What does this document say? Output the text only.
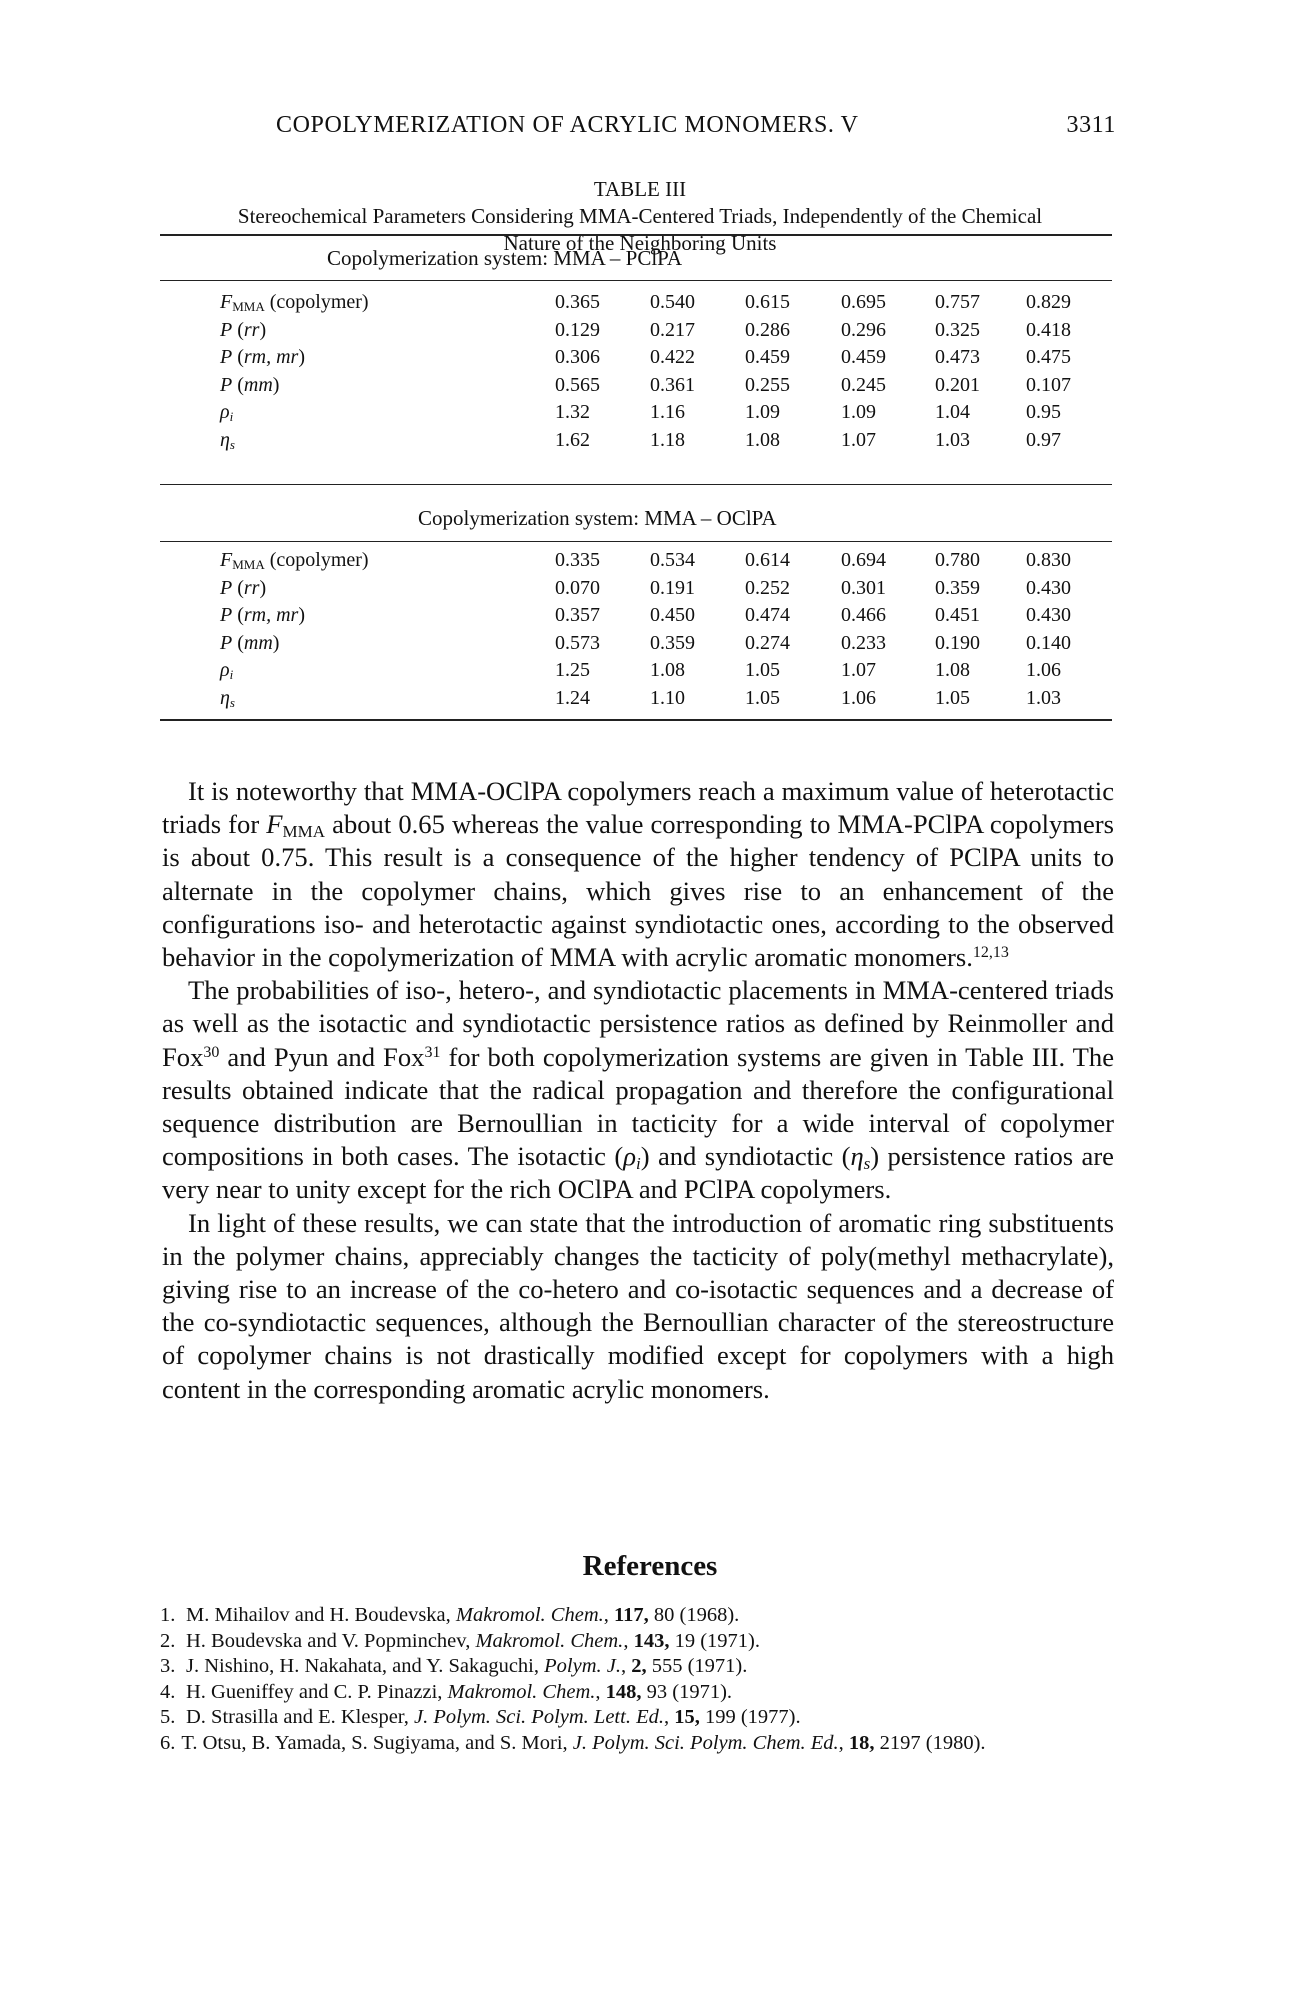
COPOLYMERIZATION OF ACRYLIC MONOMERS. V	3311
TABLE III
Stereochemical Parameters Considering MMA-Centered Triads, Independently of the Chemical
Nature of the Neighboring Units
Copolymerization system: MMA – PClPA
$F_{MMA}$ (copolymer)	0.365	0.540	0.615	0.695 0.757 0.829
P (rr)	0.129	0.217	0.286	0.296 0.325 0.418
P (rm, mr)	0.306	0.422	0.459	0.459 0.473 0.475
P (mm)	0.565	0.361	0.255	0.245 0.201 0.107
$\rho_i$	1.32	1.16	1.09	1.09	1.04	0.95
$\eta_s$	1.62	1.18	1.08	1.07	1.03	0.97
Copolymerization system: MMA – OClPA
$F_{MMA}$ (copolymer)	0.335	0.534	0.614	0.694 0.780 0.830
P (rr)	0.070	0.191	0.252	0.301 0.359 0.430
P (rm, mr)	0.357	0.450	0.474	0.466 0.451 0.430
P (mm)	0.573	0.359	0.274	0.233 0.190 0.140
$\rho_i$	1.25	1.08	1.05	1.07	1.08	1.06
$\eta_s$	1.24	1.10	1.05	1.06	1.05	1.03

It is noteworthy that MMA-OClPA copolymers reach a maximum value of heterotactic triads for $F_{MMA}$ about 0.65 whereas the value corresponding to MMA-PClPA copolymers is about 0.75. This result is a consequence of the higher tendency of PClPA units to alternate in the copolymer chains, which gives rise to an enhancement of the configurations iso- and heterotactic against syndiotactic ones, according to the observed behavior in the copolymerization of MMA with acrylic aromatic monomers.$^{12,13}$

The probabilities of iso-, hetero-, and syndiotactic placements in MMA-centered triads as well as the isotactic and syndiotactic persistence ratios as defined by Reinmoller and Fox$^{30}$ and Pyun and Fox$^{31}$ for both copolymerization systems are given in Table III. The results obtained indicate that the radical propagation and therefore the configurational sequence distribution are Bernoullian in tacticity for a wide interval of copolymer compositions in both cases. The isotactic $(\rho_i)$ and syndiotactic $(\eta_s)$ persistence ratios are very near to unity except for the rich OClPA and PClPA copolymers.

In light of these results, we can state that the introduction of aromatic ring substituents in the polymer chains, appreciably changes the tacticity of poly(methyl methacrylate), giving rise to an increase of the co-hetero and co-isotactic sequences and a decrease of the co-syndiotactic sequences, although the Bernoullian character of the stereostructure of copolymer chains is not drastically modified except for copolymers with a high content in the corresponding aromatic acrylic monomers.

References
1. M. Mihailov and H. Boudevska, Makromol. Chem., 117, 80 (1968).
2. H. Boudevska and V. Popminchev, Makromol. Chem., 143, 19 (1971).
3. J. Nishino, H. Nakahata, and Y. Sakaguchi, Polym. J., 2, 555 (1971).
4. H. Gueniffey and C. P. Pinazzi, Makromol. Chem., 148, 93 (1971).
5. D. Strasilla and E. Klesper, J. Polym. Sci. Polym. Lett. Ed., 15, 199 (1977).
6. T. Otsu, B. Yamada, S. Sugiyama, and S. Mori, J. Polym. Sci. Polym. Chem. Ed., 18, 2197 (1980).
